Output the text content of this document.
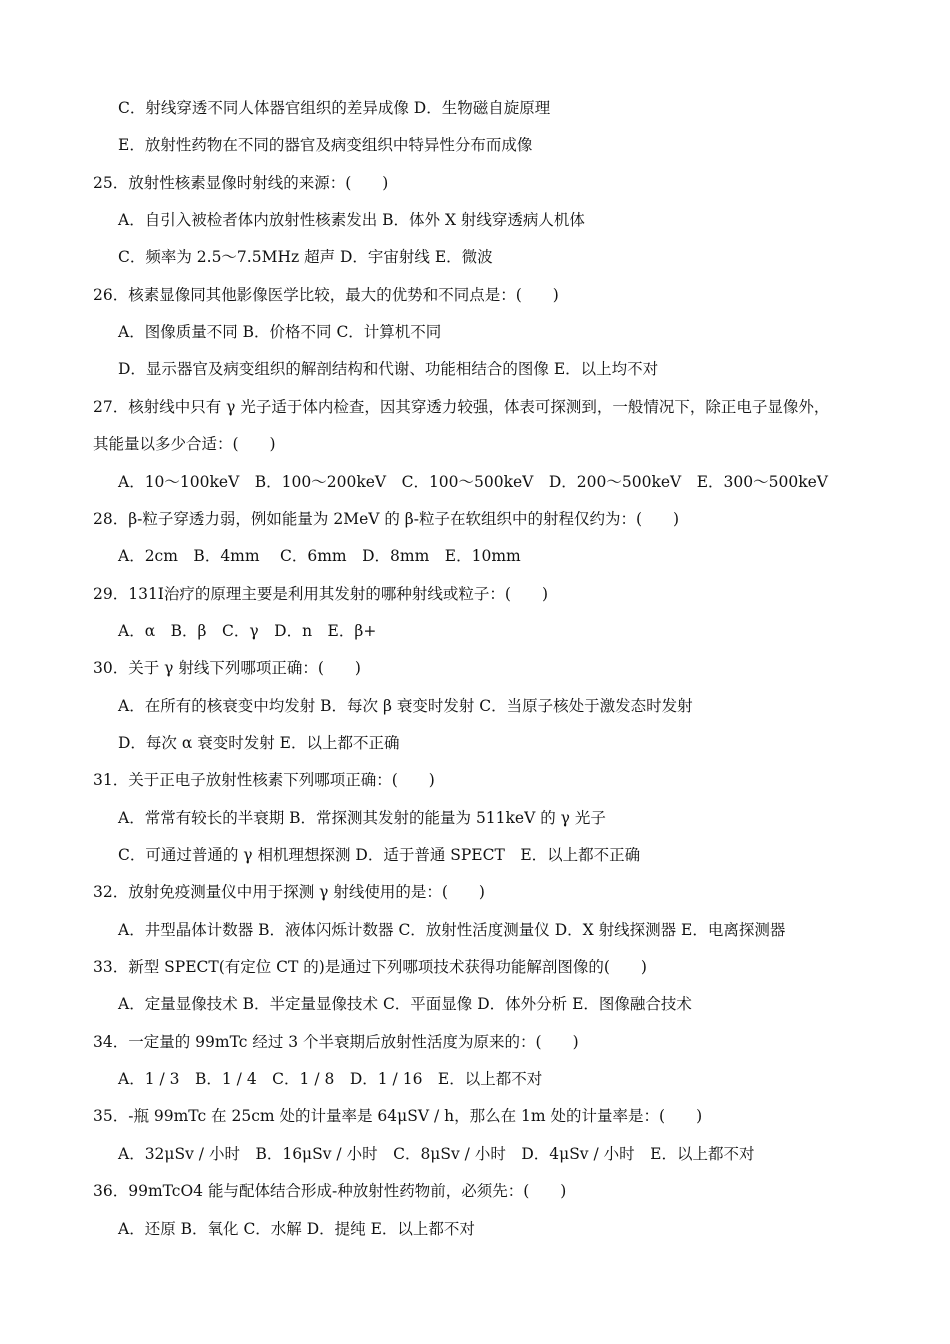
C．射线穿透不同人体器官组织的差异成像 D．生物磁自旋原理
E．放射性药物在不同的器官及病变组织中特异性分布而成像
25．放射性核素显像时射线的来源：(　　)
A．自引入被检者体内放射性核素发出 B．体外 X 射线穿透病人机体
C．频率为 2.5～7.5MHz 超声 D．宇宙射线 E．微波
26．核素显像同其他影像医学比较，最大的优势和不同点是：(　　)
A．图像质量不同 B．价格不同 C．计算机不同
D．显示器官及病变组织的解剖结构和代谢、功能相结合的图像 E．以上均不对
27．核射线中只有 γ 光子适于体内检查，因其穿透力较强，体表可探测到，一般情况下，除正电子显像外，
其能量以多少合适：(　　)
A．10～100keV　B．100～200keV　C．100～500keV　D．200～500keV　E．300～500keV
28．β-粒子穿透力弱，例如能量为 2MeV 的 β-粒子在软组织中的射程仅约为：(　　)
A．2cm　B．4mm　 C．6mm　D．8mm　E．10mm
29．131Ⅰ治疗的原理主要是利用其发射的哪种射线或粒子：(　　)
A．α　B．β　C．γ　D．n　E．β+
30．关于 γ 射线下列哪项正确：(　　)
A．在所有的核衰变中均发射 B．每次 β 衰变时发射 C．当原子核处于激发态时发射
D．每次 α 衰变时发射 E．以上都不正确
31．关于正电子放射性核素下列哪项正确：(　　)
A．常常有较长的半衰期 B．常探测其发射的能量为 511keV 的 γ 光子
C．可通过普通的 γ 相机理想探测 D．适于普通 SPECT　E．以上都不正确
32．放射免疫测量仪中用于探测 γ 射线使用的是：(　　)
A．井型晶体计数器 B．液体闪烁计数器 C．放射性活度测量仪 D．X 射线探测器 E．电离探测器
33．新型 SPECT(有定位 CT 的)是通过下列哪项技术获得功能解剖图像的(　　)
A．定量显像技术 B．半定量显像技术 C．平面显像 D．体外分析 E．图像融合技术
34．一定量的 99mTc 经过 3 个半衰期后放射性活度为原来的：(　　)
A．1 / 3　B．1 / 4　C．1 / 8　D．1 / 16　E．以上都不对
35．-瓶 99mTc 在 25cm 处的计量率是 64μSV / h，那么在 1m 处的计量率是：(　　)
A．32μSv / 小时　B．16μSv / 小时　C．8μSv / 小时　D．4μSv / 小时　E．以上都不对
36．99mTcO4 能与配体结合形成-种放射性药物前，必须先：(　　)
A．还原 B．氧化 C．水解 D．提纯 E．以上都不对
